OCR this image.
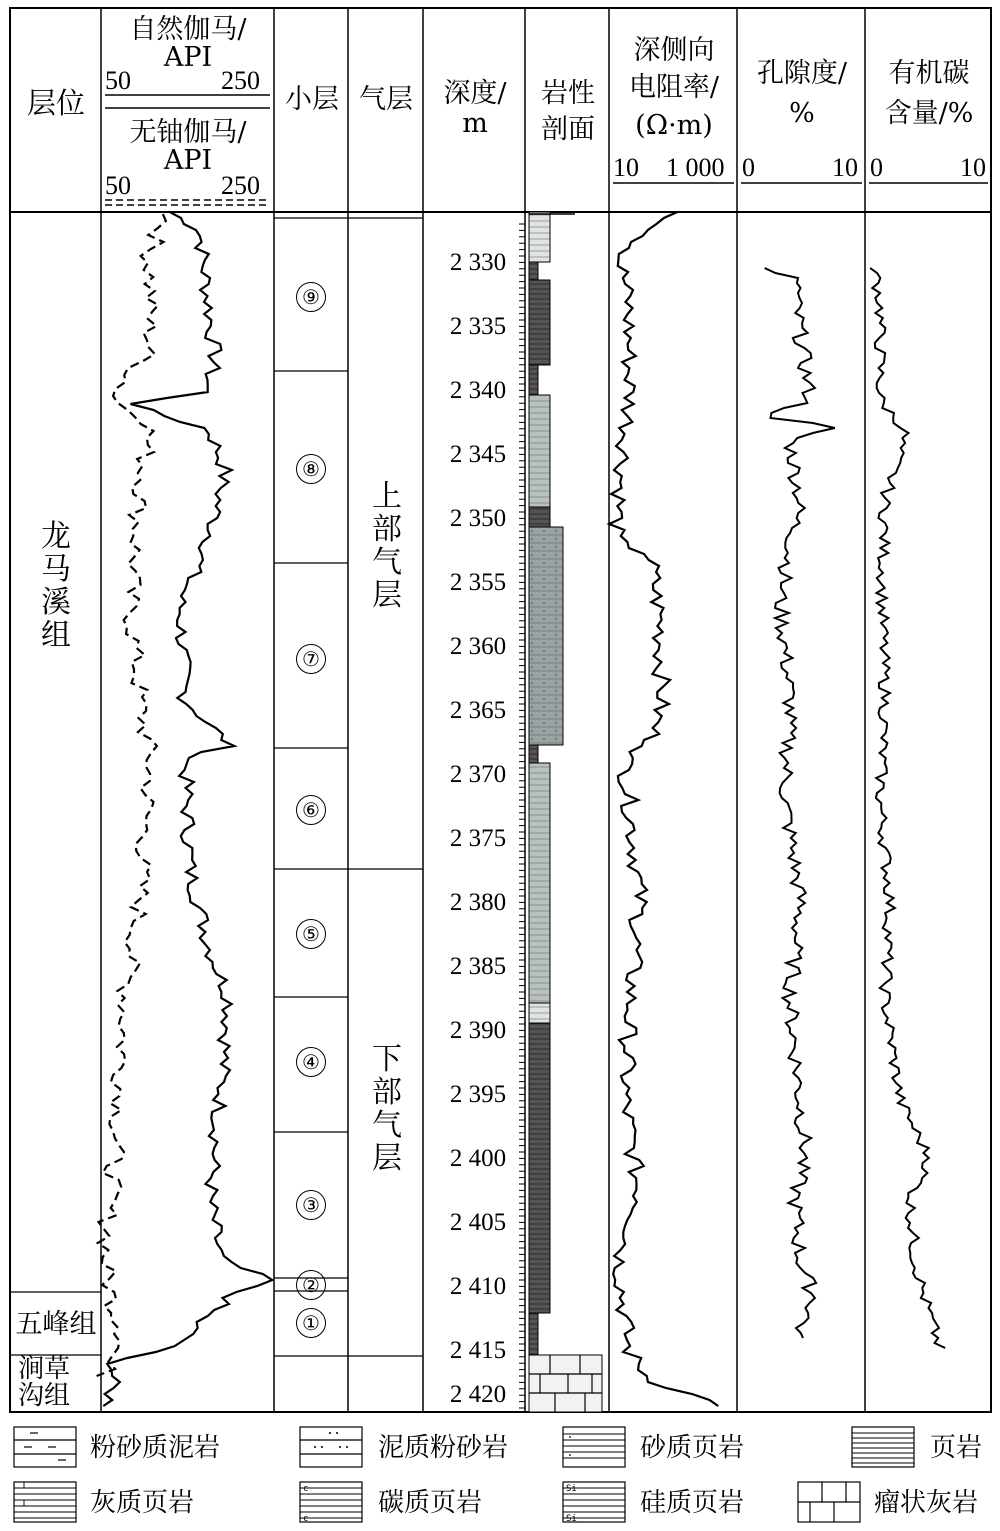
c
c
Si
Si
层位
自然伽马/
API
50	250
无铀伽马/
API
50	250
小层 气层	深度/
m
岩性
剖面
深侧向
电阻率/
(Ω·m)
10 1 000
孔隙度/
%
0	10
有机碳
含量/%
0	10
龙马溪组
五峰组
涧草沟组
⑨
⑧
⑦
⑥
⑤
④
③
②
①
上部气层
下部气层
2 330
2 335
2 340
2 345
2 350
2 355
2 360
2 365
2 370
2 375
2 380
2 385
2 390
2 395
2 400
2 405
2 410
2 415
2 420
粉砂质泥岩	泥质粉砂岩	砂质页岩	页岩
灰质页岩	碳质页岩	硅质页岩	瘤状灰岩
